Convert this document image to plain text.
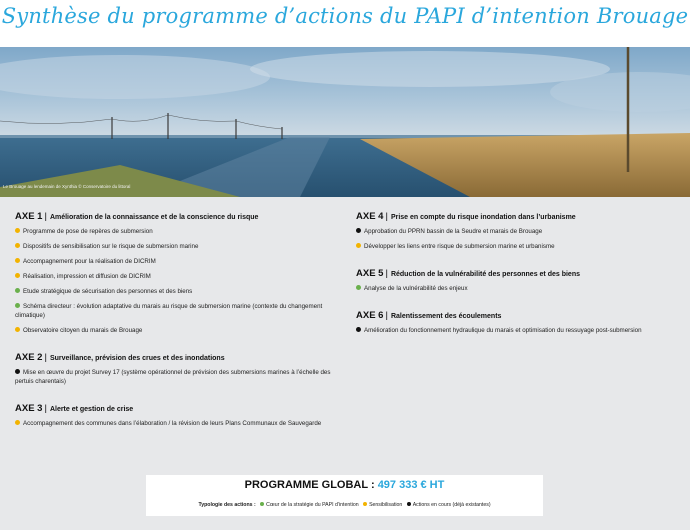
Synthèse du programme d’actions du PAPI d’intention Brouage
Le Brouage au lendemain de Xynthia © Conservatoire du littoral
AXE 1 | Amélioration de la connaissance et de la conscience du risque
Programme de pose de repères de submersion
Dispositifs de sensibilisation sur le risque de submersion marine
Accompagnement pour la réalisation de DICRIM
Réalisation, impression et diffusion de DICRIM
Etude stratégique de sécurisation des personnes et des biens
Schéma directeur : évolution adaptative du marais au risque de submersion marine (contexte du changement climatique)
Observatoire citoyen du marais de Brouage
AXE 2 | Surveillance, prévision des crues et des inondations
Mise en œuvre du projet Survey 17 (système opérationnel de prévision des submersions marines à l’échelle des pertuis charentais)
AXE 3 | Alerte et gestion de crise
Accompagnement des communes dans l’élaboration / la révision de leurs Plans Communaux de Sauvegarde
AXE 4 | Prise en compte du risque inondation dans l’urbanisme
Approbation du PPRN bassin de la Seudre et marais de Brouage
Développer les liens entre risque de submersion marine et urbanisme
AXE 5 | Réduction de la vulnérabilité des personnes et des biens
Analyse de la vulnérabilité des enjeux
AXE 6 | Ralentissement des écoulements
Amélioration du fonctionnement hydraulique du marais et optimisation du ressuyage post-submersion
PROGRAMME GLOBAL : 497 333 € HT
Typologie des actions : Cœur de la stratégie du PAPI d’intention Sensibilisation Actions en cours (déjà existantes)
